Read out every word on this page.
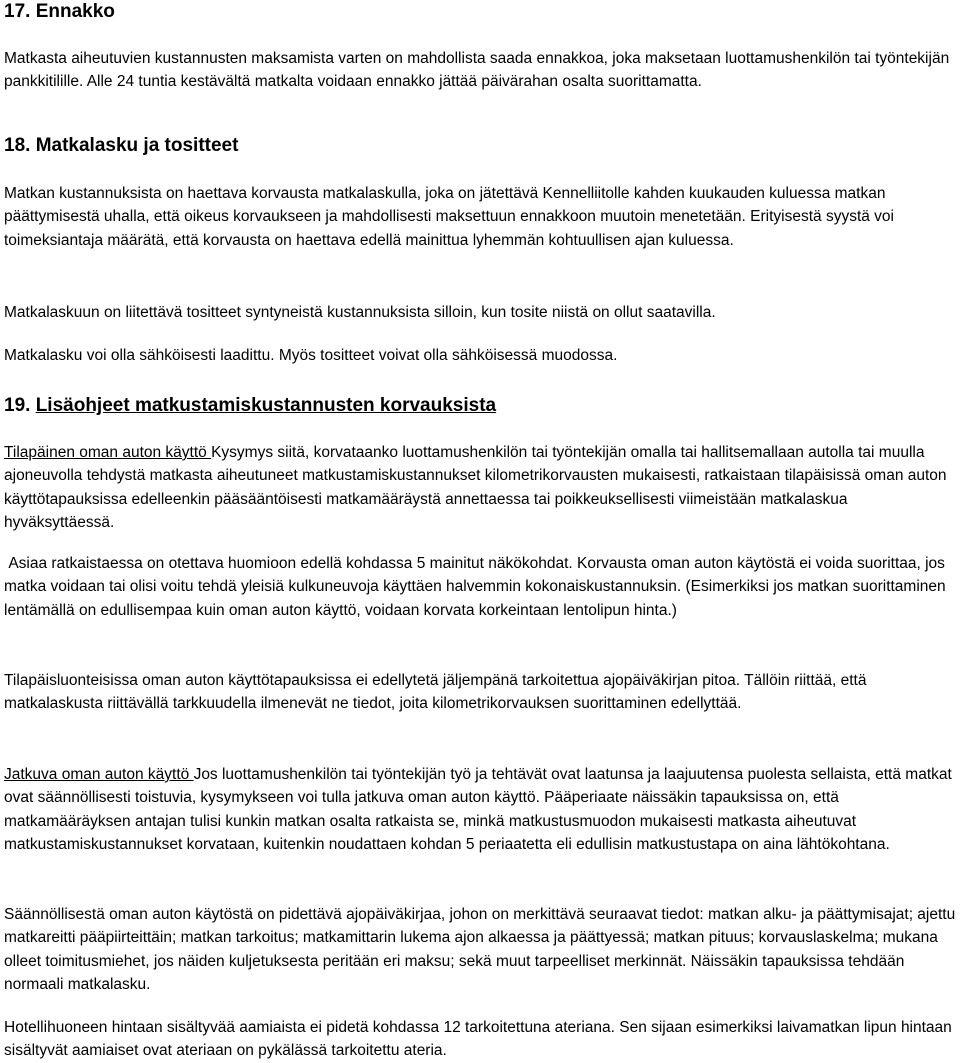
17. Ennakko

Matkasta aiheutuvien kustannusten maksamista varten on mahdollista saada ennakkoa, joka maksetaan luottamushenkilön tai työntekijän pankkitilille. Alle 24 tuntia kestävältä matkalta voidaan ennakko jättää päivärahan osalta suorittamatta.

18. Matkalasku ja tositteet

Matkan kustannuksista on haettava korvausta matkalaskulla, joka on jätettävä Kennelliitolle kahden kuukauden kuluessa matkan päättymisestä uhalla, että oikeus korvaukseen ja mahdollisesti maksettuun ennakkoon muutoin menetetään. Erityisestä syystä voi toimeksiantaja määrätä, että korvausta on haettava edellä mainittua lyhemmän kohtuullisen ajan kuluessa.

Matkalaskuun on liitettävä tositteet syntyneistä kustannuksista silloin, kun tosite niistä on ollut saatavilla.

Matkalasku voi olla sähköisesti laadittu. Myös tositteet voivat olla sähköisessä muodossa.

19. Lisäohjeet matkustamiskustannusten korvauksista

Tilapäinen oman auton käyttö Kysymys siitä, korvataanko luottamushenkilön tai työntekijän omalla tai hallitsemallaan autolla tai muulla ajoneuvolla tehdystä matkasta aiheutuneet matkustamiskustannukset kilometrikorvausten mukaisesti, ratkaistaan tilapäisissä oman auton käyttötapauksissa edelleenkin pääsääntöisesti matkamääräystä annettaessa tai poikkeuksellisesti viimeistään matkalaskua hyväksyttäessä.

Asiaa ratkaistaessa on otettava huomioon edellä kohdassa 5 mainitut näkökohdat. Korvausta oman auton käytöstä ei voida suorittaa, jos matka voidaan tai olisi voitu tehdä yleisiä kulkuneuvoja käyttäen halvemmin kokonaiskustannuksin. (Esimerkiksi jos matkan suorittaminen lentämällä on edullisempaa kuin oman auton käyttö, voidaan korvata korkeintaan lentolipun hinta.)

Tilapäisluonteisissa oman auton käyttötapauksissa ei edellytetä jäljempänä tarkoitettua ajopäiväkirjan pitoa. Tällöin riittää, että matkalaskusta riittävällä tarkkuudella ilmenevät ne tiedot, joita kilometrikorvauksen suorittaminen edellyttää.

Jatkuva oman auton käyttö Jos luottamushenkilön tai työntekijän työ ja tehtävät ovat laatunsa ja laajuutensa puolesta sellaista, että matkat ovat säännöllisesti toistuvia, kysymykseen voi tulla jatkuva oman auton käyttö. Pääperiaate näissäkin tapauksissa on, että matkamääräyksen antajan tulisi kunkin matkan osalta ratkaista se, minkä matkustusmuodon mukaisesti matkasta aiheutuvat matkustamiskustannukset korvataan, kuitenkin noudattaen kohdan 5 periaatetta eli edullisin matkustustapa on aina lähtökohtana.

Säännöllisestä oman auton käytöstä on pidettävä ajopäiväkirjaa, johon on merkittävä seuraavat tiedot: matkan alku- ja päättymisajat; ajettu matkareitti pääpiirteittäin; matkan tarkoitus; matkamittarin lukema ajon alkaessa ja päättyessä; matkan pituus; korvauslaskelma; mukana olleet toimitusmiehet, jos näiden kuljetuksesta peritään eri maksu; sekä muut tarpeelliset merkinnät. Näissäkin tapauksissa tehdään normaali matkalasku.

Hotellihuoneen hintaan sisältyvää aamiaista ei pidetä kohdassa 12 tarkoitettuna ateriana. Sen sijaan esimerkiksi laivamatkan lipun hintaan sisältyvät aamiaiset ovat ateriaan on pykälässä tarkoitettu ateria.
